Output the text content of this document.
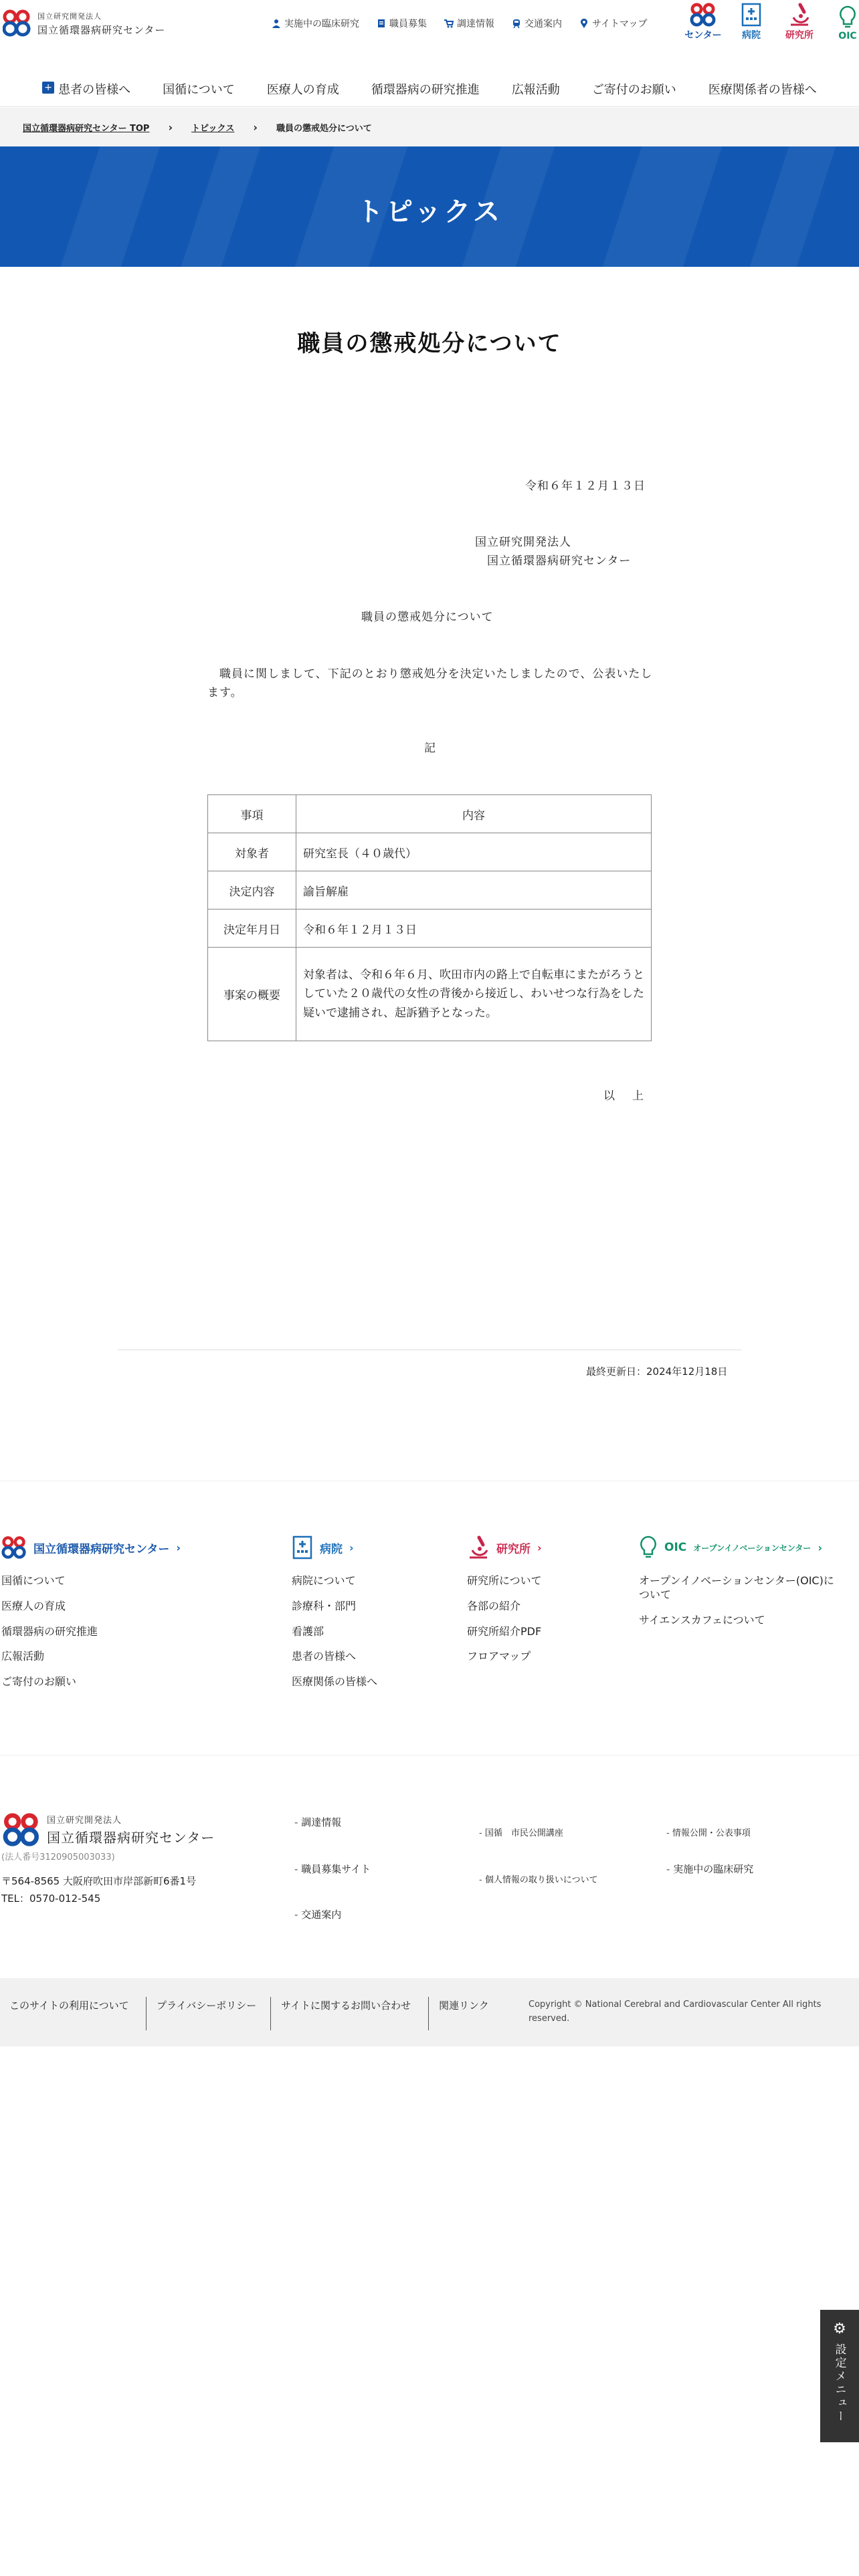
国立研究開発法人
国立循環器病研究センター	実施中の臨床研究	職員募集	調達情報	交通案内	サイトマップ
センター 病院	研究所	OIC
+ 患者の皆様へ	国循について	医療人の育成	循環器病の研究推進	広報活動	ご寄付のお願い	医療関係者の皆様へ
国立循環器病研究センター TOP › トピックス › 職員の懲戒処分について
トピックス
職員の懲戒処分について
令和６年１２月１３日
国立研究開発法人
国立循環器病研究センター
職員の懲戒処分について
　職員に関しまして、下記のとおり懲戒処分を決定いたしましたので、公表いたします。
記
事項	内容
対象者	研究室長（４０歳代）
決定内容	諭旨解雇
決定年月日	令和６年１２月１３日
事案の概要	対象者は、令和６年６月、吹田市内の路上で自転車にまたがろうとしていた２０歳代の女性の背後から接近し、わいせつな行為をした疑いで逮捕され、起訴猶予となった。
以上
最終更新日：2024年12月18日
国立循環器病研究センター ›
国循について
医療人の育成
循環器病の研究推進
広報活動
ご寄付のお願い
病院 ›
病院について
診療科・部門
看護部
患者の皆様へ
医療関係の皆様へ
研究所 ›
研究所について
各部の紹介
研究所紹介PDF
フロアマップ
OIC オープンイノベーションセンター ›
オープンイノベーションセンター(OIC)について
サイエンスカフェについて
国立研究開発法人
国立循環器病研究センター
(法人番号3120905003033)
〒564-8565 大阪府吹田市岸部新町6番1号
TEL：0570-012-545
- 調達情報
- 職員募集サイト
- 交通案内
- 国循　市民公開講座
- 個人情報の取り扱いについて
- 情報公開・公表事項
- 実施中の臨床研究
このサイトの利用について	プライバシーポリシー	サイトに関するお問い合わせ	関連リンク	Copyright © National Cerebral and Cardiovascular Center All rights reserved.
⚙
設定メニュー
